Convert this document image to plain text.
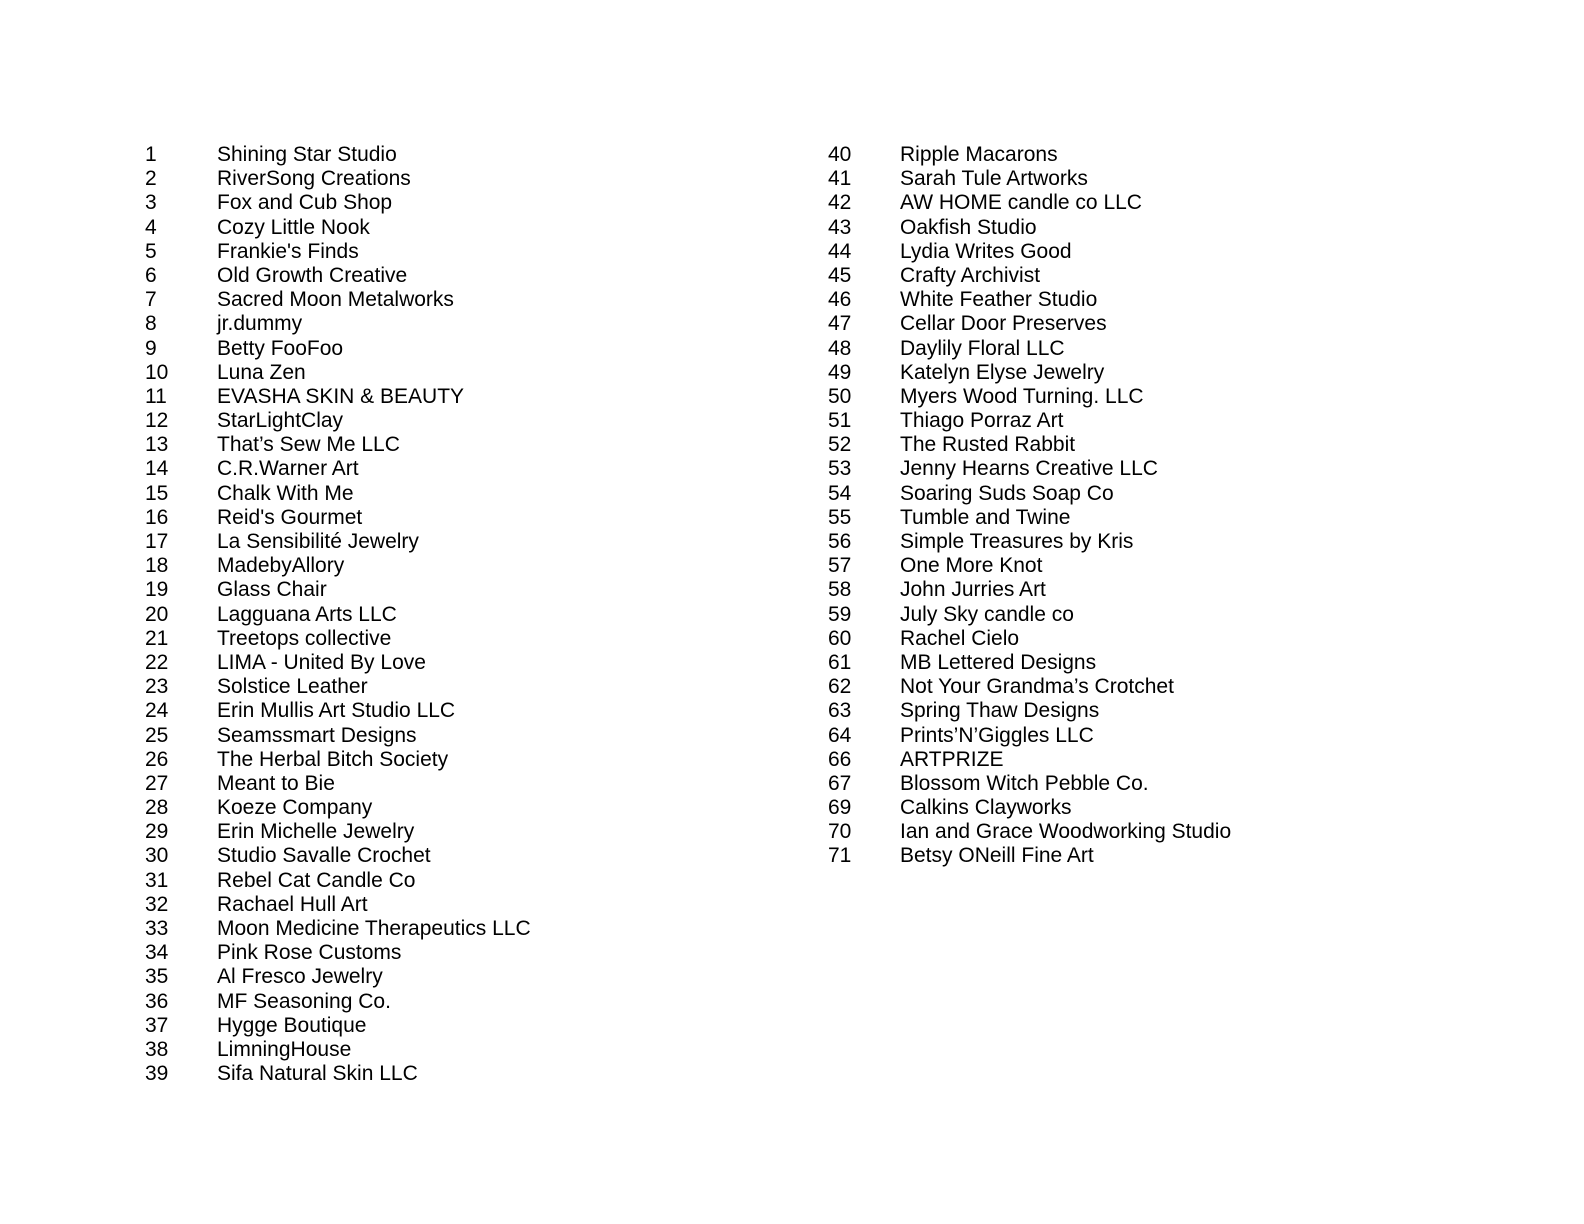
1	Shining Star Studio
2	RiverSong Creations
3	Fox and Cub Shop
4	Cozy Little Nook
5	Frankie's Finds
6	Old Growth Creative
7	Sacred Moon Metalworks
8	jr.dummy
9	Betty FooFoo
10	Luna Zen
11	EVASHA SKIN & BEAUTY
12	StarLightClay
13	That’s Sew Me LLC
14	C.R.Warner Art
15	Chalk With Me
16	Reid's Gourmet
17	La Sensibilité Jewelry
18	MadebyAllory
19	Glass Chair
20	Lagguana Arts LLC
21	Treetops collective
22	LIMA - United By Love
23	Solstice Leather
24	Erin Mullis Art Studio LLC
25	Seamssmart Designs
26	The Herbal Bitch Society
27	Meant to Bie
28	Koeze Company
29	Erin Michelle Jewelry
30	Studio Savalle Crochet
31	Rebel Cat Candle Co
32	Rachael Hull Art
33	Moon Medicine Therapeutics LLC
34	Pink Rose Customs
35	Al Fresco Jewelry
36	MF Seasoning Co.
37	Hygge Boutique
38	LimningHouse
39	Sifa Natural Skin LLC
40	Ripple Macarons
41	Sarah Tule Artworks
42	AW HOME candle co LLC
43	Oakfish Studio
44	Lydia Writes Good
45	Crafty Archivist
46	White Feather Studio
47	Cellar Door Preserves
48	Daylily Floral LLC
49	Katelyn Elyse Jewelry
50	Myers Wood Turning. LLC
51	Thiago Porraz Art
52	The Rusted Rabbit
53	Jenny Hearns Creative LLC
54	Soaring Suds Soap Co
55	Tumble and Twine
56	Simple Treasures by Kris
57	One More Knot
58	John Jurries Art
59	July Sky candle co
60	Rachel Cielo
61	MB Lettered Designs
62	Not Your Grandma’s Crotchet
63	Spring Thaw Designs
64	Prints’N’Giggles LLC
66	ARTPRIZE
67	Blossom Witch Pebble Co.
69	Calkins Clayworks
70	Ian and Grace Woodworking Studio
71	Betsy ONeill Fine Art
